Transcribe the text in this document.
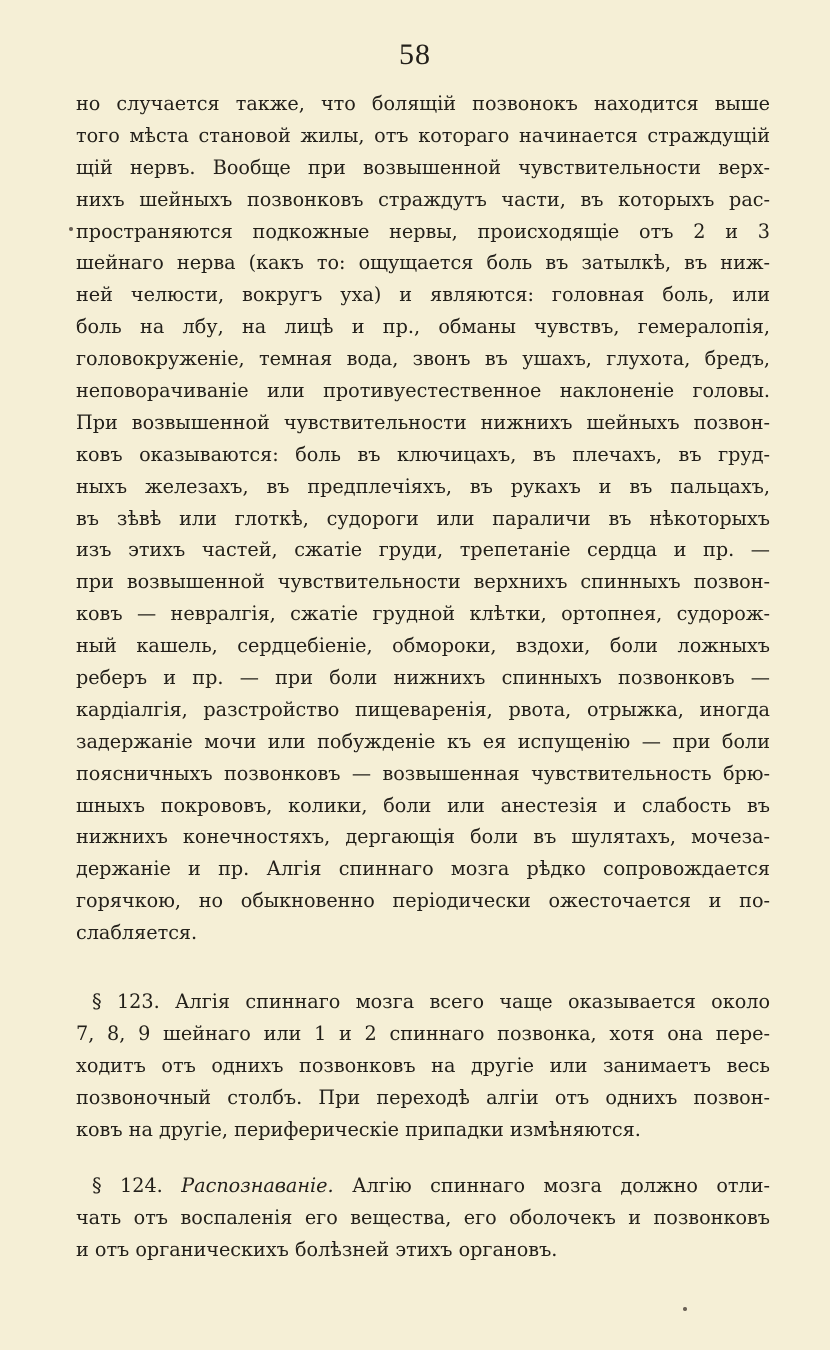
58
но случается также, что болящій позвонокъ находится выше
того мѣста становой жилы, отъ котораго начинается страждущій
щій нервъ. Вообще при возвышенной чувствительности верх-
нихъ шейныхъ позвонковъ страждутъ части, въ которыхъ рас-
пространяются подкожные нервы, происходящіе отъ 2 и 3
шейнаго нерва (какъ то: ощущается боль въ затылкѣ, въ ниж-
ней челюсти, вокругъ уха) и являются: головная боль, или
боль на лбу, на лицѣ и пр., обманы чувствъ, гемералопія,
головокруженіе, темная вода, звонъ въ ушахъ, глухота, бредъ,
неповорачиваніе или противуестественное наклоненіе головы.
При возвышенной чувствительности нижнихъ шейныхъ позвон-
ковъ оказываются: боль въ ключицахъ, въ плечахъ, въ груд-
ныхъ железахъ, въ предплечіяхъ, въ рукахъ и въ пальцахъ,
въ зѣвѣ или глоткѣ, судороги или параличи въ нѣкоторыхъ
изъ этихъ частей, сжатіе груди, трепетаніе сердца и пр. —
при возвышенной чувствительности верхнихъ спинныхъ позвон-
ковъ — невралгія, сжатіе грудной клѣтки, ортопнея, судорож-
ный кашель, сердцебіеніе, обмороки, вздохи, боли ложныхъ
реберъ и пр. — при боли нижнихъ спинныхъ позвонковъ —
кардіалгія, разстройство пищеваренія, рвота, отрыжка, иногда
задержаніе мочи или побужденіе къ ея испущенію — при боли
поясничныхъ позвонковъ — возвышенная чувствительность брю-
шныхъ покрововъ, колики, боли или анестезія и слабость въ
нижнихъ конечностяхъ, дергающія боли въ шулятахъ, мочеза-
держаніе и пр. Алгія спиннаго мозга рѣдко сопровождается
горячкою, но обыкновенно періодически ожесточается и по-
слабляется.
§ 123. Алгія спиннаго мозга всего чаще оказывается около
7, 8, 9 шейнаго или 1 и 2 спиннаго позвонка, хотя она пере-
ходитъ отъ однихъ позвонковъ на другіе или занимаетъ весь
позвоночный столбъ. При переходѣ алгіи отъ однихъ позвон-
ковъ на другіе, периферическіе припадки измѣняются.
§ 124. Распознаваніе. Алгію спиннаго мозга должно отли-
чать отъ воспаленія его вещества, его оболочекъ и позвонковъ
и отъ органическихъ болѣзней этихъ органовъ.
